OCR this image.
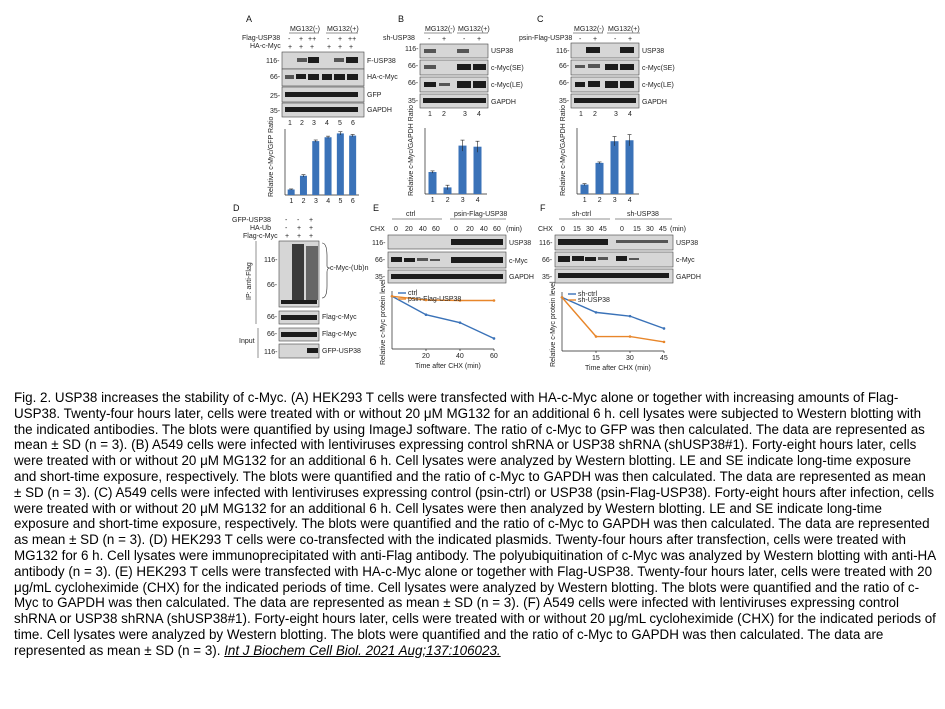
A
MG132(-) MG132(+)
Flag-USP38
HA-c-Myc
- + ++ - + ++
+ + + + + +
116-
66-
25-
35-
F-USP38
HA-c-Myc
GFP
GAPDH
1 2 3 4 5 6
1 2 3 4 5 6
Relative c-Myc/GFP Ratio
B
MG132(-) MG132(+)
sh-USP38 - + - +
116-
66-
66-
35-
USP38
c-Myc(SE)
c-Myc(LE)
GAPDH
1 2 3 4
1 2 3 4
Relative c-Myc/GAPDH Ratio
C
MG132(-) MG132(+)
psin-Flag-USP38 - + - +
116-
66-
66-
35-
USP38
c-Myc(SE)
c-Myc(LE)
GAPDH
1 2 3 4
1 2 3 4
Relative c-Myc/GAPDH Ratio
D
GFP-USP38
HA-Ub
Flag-c-Myc
- - +
- + +
+ + +
c-Myc-(Ub)n
116-
66-
66-
66-
116-
Flag-c-Myc
Flag-c-Myc
GFP-USP38
IP: anti-Flag
Input
E
ctrl	psin-Flag-USP38
CHX 0 20 40 60 0 20 40 60 (min)
116-
66-
35-
USP38
c-Myc
GAPDH
20	40	60
ctrl
psin-Flag-USP38
Time after CHX (min)
Relative c-Myc protein level
F
sh-ctrl	sh-USP38
CHX 0 15 30 45 0 15 30 45 (min)
116-
66-
35-
USP38
c-Myc
GAPDH
15	30	45
sh-ctrl
sh-USP38
Time after CHX (min)
Relative c-Myc protein level

Fig. 2. USP38 increases the stability of c-Myc. (A) HEK293 T cells were transfected with HA-c-Myc alone or together with increasing amounts of Flag-USP38. Twenty-four hours later, cells were treated with or without 20 μM MG132 for an additional 6 h. cell lysates were subjected to Western blotting with the indicated antibodies. The blots were quantified by using ImageJ software. The ratio of c-Myc to GFP was then calculated. The data are represented as mean ± SD (n = 3). (B) A549 cells were infected with lentiviruses expressing control shRNA or USP38 shRNA (shUSP38#1). Forty-eight hours later, cells were treated with or without 20 μM MG132 for an additional 6 h. Cell lysates were analyzed by Western blotting. LE and SE indicate long-time exposure and short-time exposure, respectively. The blots were quantified and the ratio of c-Myc to GAPDH was then calculated. The data are represented as mean ± SD (n = 3). (C) A549 cells were infected with lentiviruses expressing control (psin-ctrl) or USP38 (psin-Flag-USP38). Forty-eight hours after infection, cells were treated with or without 20 μM MG132 for an additional 6 h. Cell lysates were then analyzed by Western blotting. LE and SE indicate long-time exposure and short-time exposure, respectively. The blots were quantified and the ratio of c-Myc to GAPDH was then calculated. The data are represented as mean ± SD (n = 3). (D) HEK293 T cells were co-transfected with the indicated plasmids. Twenty-four hours after transfection, cells were treated with MG132 for 6 h. Cell lysates were immunoprecipitated with anti-Flag antibody. The polyubiquitination of c-Myc was analyzed by Western blotting with anti-HA antibody (n = 3). (E) HEK293 T cells were transfected with HA-c-Myc alone or together with Flag-USP38. Twenty-four hours later, cells were treated with 20 μg/mL cycloheximide (CHX) for the indicated periods of time. Cell lysates were analyzed by Western blotting. The blots were quantified and the ratio of c-Myc to GAPDH was then calculated. The data are represented as mean ± SD (n = 3). (F) A549 cells were infected with lentiviruses expressing control shRNA or USP38 shRNA (shUSP38#1). Forty-eight hours later, cells were treated with or without 20 μg/mL cycloheximide (CHX) for the indicated periods of time. Cell lysates were analyzed by Western blotting. The blots were quantified and the ratio of c-Myc to GAPDH was then calculated. The data are represented as mean ± SD (n = 3). Int J Biochem Cell Biol. 2021 Aug;137:106023.
